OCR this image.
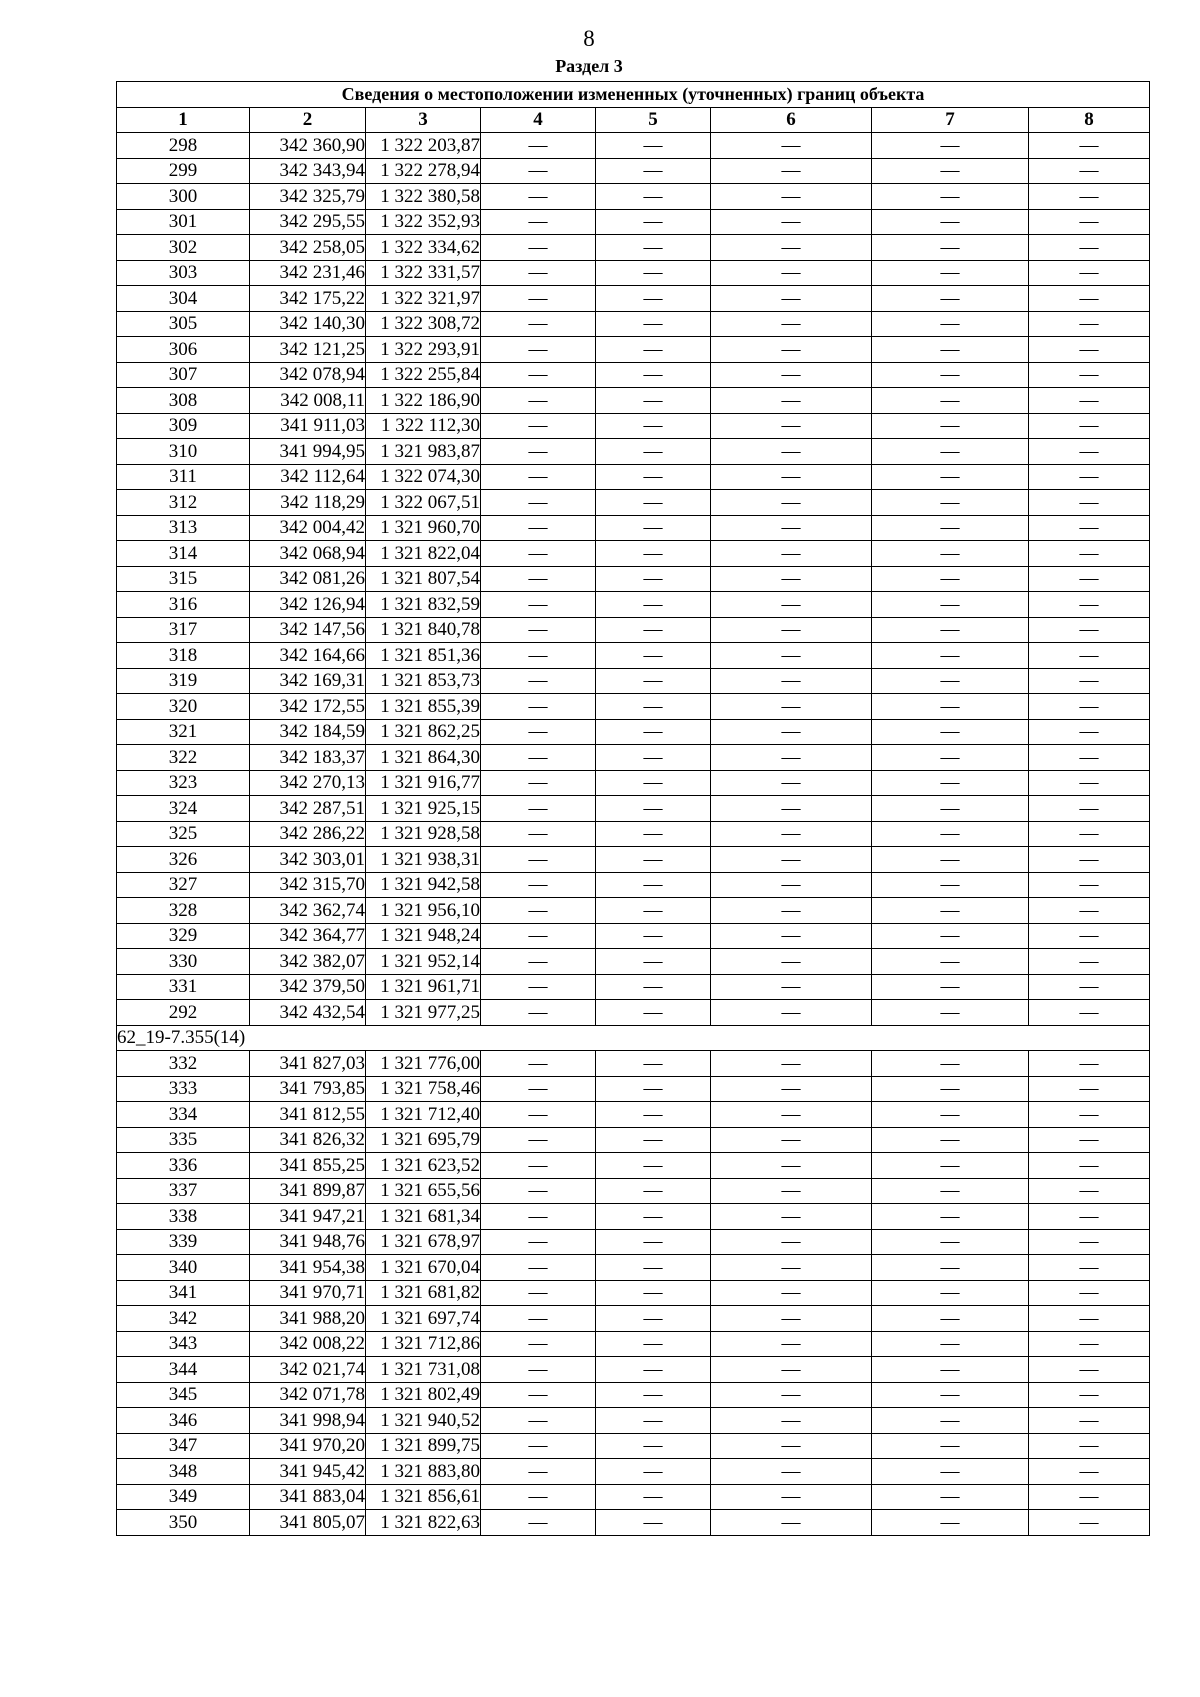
8
Раздел 3
Сведения о местоположении измененных (уточненных) границ объекта							
1	2	3	4	5	6	7	8
298	342 360,90	1 322 203,87	—	—	—	—	—
299	342 343,94	1 322 278,94	—	—	—	—	—
300	342 325,79	1 322 380,58	—	—	—	—	—
301	342 295,55	1 322 352,93	—	—	—	—	—
302	342 258,05	1 322 334,62	—	—	—	—	—
303	342 231,46	1 322 331,57	—	—	—	—	—
304	342 175,22	1 322 321,97	—	—	—	—	—
305	342 140,30	1 322 308,72	—	—	—	—	—
306	342 121,25	1 322 293,91	—	—	—	—	—
307	342 078,94	1 322 255,84	—	—	—	—	—
308	342 008,11	1 322 186,90	—	—	—	—	—
309	341 911,03	1 322 112,30	—	—	—	—	—
310	341 994,95	1 321 983,87	—	—	—	—	—
311	342 112,64	1 322 074,30	—	—	—	—	—
312	342 118,29	1 322 067,51	—	—	—	—	—
313	342 004,42	1 321 960,70	—	—	—	—	—
314	342 068,94	1 321 822,04	—	—	—	—	—
315	342 081,26	1 321 807,54	—	—	—	—	—
316	342 126,94	1 321 832,59	—	—	—	—	—
317	342 147,56	1 321 840,78	—	—	—	—	—
318	342 164,66	1 321 851,36	—	—	—	—	—
319	342 169,31	1 321 853,73	—	—	—	—	—
320	342 172,55	1 321 855,39	—	—	—	—	—
321	342 184,59	1 321 862,25	—	—	—	—	—
322	342 183,37	1 321 864,30	—	—	—	—	—
323	342 270,13	1 321 916,77	—	—	—	—	—
324	342 287,51	1 321 925,15	—	—	—	—	—
325	342 286,22	1 321 928,58	—	—	—	—	—
326	342 303,01	1 321 938,31	—	—	—	—	—
327	342 315,70	1 321 942,58	—	—	—	—	—
328	342 362,74	1 321 956,10	—	—	—	—	—
329	342 364,77	1 321 948,24	—	—	—	—	—
330	342 382,07	1 321 952,14	—	—	—	—	—
331	342 379,50	1 321 961,71	—	—	—	—	—
292	342 432,54	1 321 977,25	—	—	—	—	—
62_19-7.355(14)							
332	341 827,03	1 321 776,00	—	—	—	—	—
333	341 793,85	1 321 758,46	—	—	—	—	—
334	341 812,55	1 321 712,40	—	—	—	—	—
335	341 826,32	1 321 695,79	—	—	—	—	—
336	341 855,25	1 321 623,52	—	—	—	—	—
337	341 899,87	1 321 655,56	—	—	—	—	—
338	341 947,21	1 321 681,34	—	—	—	—	—
339	341 948,76	1 321 678,97	—	—	—	—	—
340	341 954,38	1 321 670,04	—	—	—	—	—
341	341 970,71	1 321 681,82	—	—	—	—	—
342	341 988,20	1 321 697,74	—	—	—	—	—
343	342 008,22	1 321 712,86	—	—	—	—	—
344	342 021,74	1 321 731,08	—	—	—	—	—
345	342 071,78	1 321 802,49	—	—	—	—	—
346	341 998,94	1 321 940,52	—	—	—	—	—
347	341 970,20	1 321 899,75	—	—	—	—	—
348	341 945,42	1 321 883,80	—	—	—	—	—
349	341 883,04	1 321 856,61	—	—	—	—	—
350	341 805,07	1 321 822,63	—	—	—	—	—
